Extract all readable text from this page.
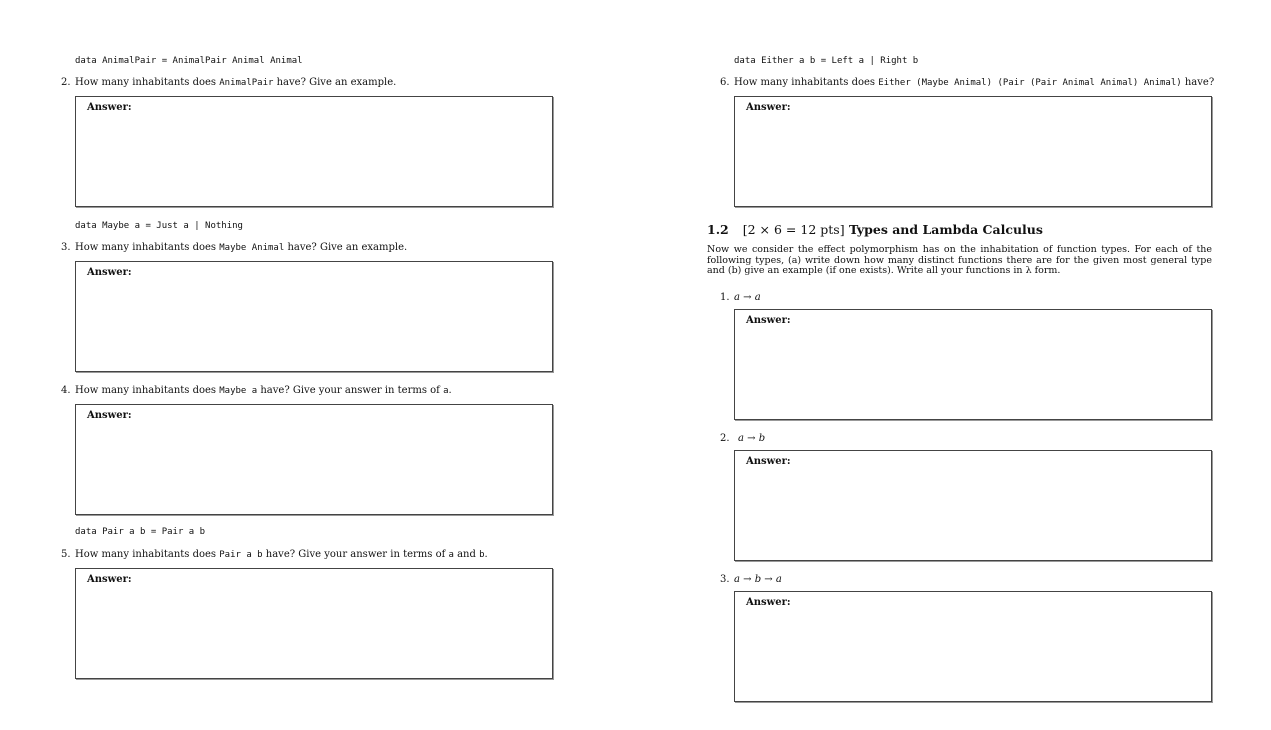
data AnimalPair = AnimalPair Animal Animal
2. How many inhabitants does AnimalPair have? Give an example.
Answer:
data Maybe a = Just a | Nothing
3. How many inhabitants does Maybe Animal have? Give an example.
Answer:
4. How many inhabitants does Maybe a have? Give your answer in terms of a.
Answer:
data Pair a b = Pair a b
5. How many inhabitants does Pair a b have? Give your answer in terms of a and b.
Answer:
data Either a b = Left a | Right b
6. How many inhabitants does Either (Maybe Animal) (Pair (Pair Animal Animal) Animal) have?
Answer:
1.2 [2 × 6 = 12 pts] Types and Lambda Calculus
Now we consider the effect polymorphism has on the inhabitation of function types. For each of the following types, (a) write down how many distinct functions there are for the given most general type and (b) give an example (if one exists). Write all your functions in λ form.
1. a → a
Answer:
2. a → b
Answer:
3. a → b → a
Answer:
